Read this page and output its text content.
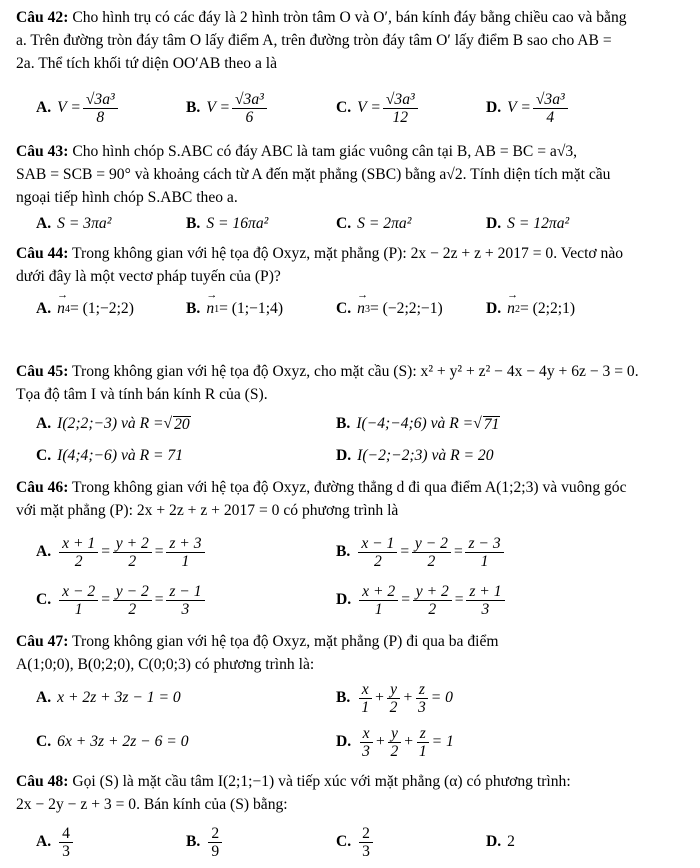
Câu 42: Cho hình trụ có các đáy là 2 hình tròn tâm O và O′, bán kính đáy bằng chiều cao và bằng
a. Trên đường tròn đáy tâm O lấy điểm A, trên đường tròn đáy tâm O′ lấy điểm B sao cho AB =
2a. Thể tích khối tứ diện OO′AB theo a là
A. $V = \frac{\text{√3a³}}{8}$	B. $V = \frac{\text{√3a³}}{6}$	C. $V = \frac{\text{√3a³}}{12}$	D. $V = \frac{\text{√3a³}}{4}$
Câu 43: Cho hình chóp S.ABC có đáy ABC là tam giác vuông cân tại B, AB = BC = a√3,
SAB = SCB = 90° và khoảng cách từ A đến mặt phẳng (SBC) bằng a√2. Tính diện tích mặt cầu
ngoại tiếp hình chóp S.ABC theo a.
A. S = 3πa²	B. S = 16πa²	C. S = 2πa²	D. S = 12πa²
Câu 44: Trong không gian với hệ tọa độ Oxyz, mặt phẳng (P): 2x − 2z + z + 2017 = 0. Vectơ nào
dưới đây là một vectơ pháp tuyến của (P)?
A. → n 4 = (1;−2;2)	B. → n 1 = (1;−1;4)	C. → n 3 = (−2;2;−1)	D. → n 2 = (2;2;1)
Câu 45: Trong không gian với hệ tọa độ Oxyz, cho mặt cầu (S): x² + y² + z² − 4x − 4y + 6z − 3 = 0.
Tọa độ tâm I và tính bán kính R của (S).
A. I(2;2;−3) và R = √ 20	B. I(−4;−4;6) và R = √ 71
C. I(4;4;−6) và R = 71	D. I(−2;−2;3) và R = 20
Câu 46: Trong không gian với hệ tọa độ Oxyz, đường thẳng d đi qua điểm A(1;2;3) và vuông góc
với mặt phẳng (P): 2x + 2z + z + 2017 = 0 có phương trình là
A. $\frac{x + 1}{2} = \frac{y + 2}{2} = \frac{z + 3}{1}$	B. $\frac{x - 1}{2} = \frac{y - 2}{2} = \frac{z - 3}{1}$
C. $\frac{x - 2}{1} = \frac{y - 2}{2} = \frac{z - 1}{3}$	D. $\frac{x + 2}{1} = \frac{y + 2}{2} = \frac{z + 1}{3}$
Câu 47: Trong không gian với hệ tọa độ Oxyz, mặt phẳng (P) đi qua ba điểm
A(1;0;0), B(0;2;0), C(0;0;3) có phương trình là:
A. x + 2z + 3z − 1 = 0	B. $\frac{x}{1} + \frac{y}{2} + \frac{z}{3} = 0$
C. 6x + 3z + 2z − 6 = 0	D. $\frac{x}{3} + \frac{y}{2} + \frac{z}{1} = 1$
Câu 48: Gọi (S) là mặt cầu tâm I(2;1;−1) và tiếp xúc với mặt phẳng (α) có phương trình:
2x − 2y − z + 3 = 0. Bán kính của (S) bằng:
A. $\frac{4}{3}$	B. $\frac{2}{9}$	C. $\frac{2}{3}$	D. 2
